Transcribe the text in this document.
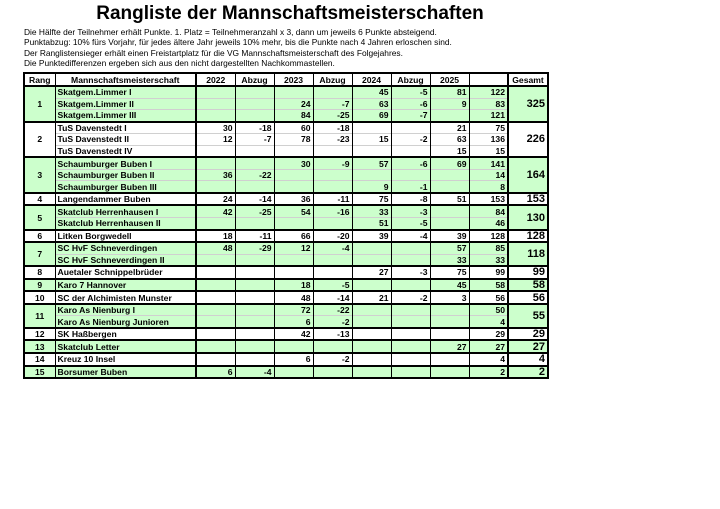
Rangliste der Mannschaftsmeisterschaften
Die Hälfte der Teilnehmer erhält Punkte. 1. Platz = Teilnehmeranzahl x 3, dann um jeweils 6 Punkte absteigend.
Punktabzug: 10% fürs Vorjahr, für jedes ältere Jahr jeweils 10% mehr, bis die Punkte nach 4 Jahren erloschen sind.
Der Ranglistensieger erhält einen Freistartplatz für die VG Mannschaftsmeisterschaft des Folgejahres.
Die Punktedifferenzen ergeben sich aus den nicht dargestellten Nachkommastellen.
Rang	Mannschaftsmeisterschaft	2022	Abzug	2023	Abzug	2024	Abzug	2025		Gesamt
1	Skatgem.Limmer I					45	-5	81	122	325
	Skatgem.Limmer II			24	-7	63	-6	9	83	
	Skatgem.Limmer III			84	-25	69	-7		121	
2	TuS Davenstedt I	30	-18	60	-18			21	75	226
	TuS Davenstedt II	12	-7	78	-23	15	-2	63	136	
	TuS Davenstedt IV							15	15	
3	Schaumburger Buben I			30	-9	57	-6	69	141	164
	Schaumburger Buben II	36	-22						14	
	Schaumburger Buben III					9	-1		8	
4	Langendammer Buben	24	-14	36	-11	75	-8	51	153	153
5	Skatclub Herrenhausen I	42	-25	54	-16	33	-3		84	130
	Skatclub Herrenhausen II					51	-5		46	
6	Litken Borgwedell	18	-11	66	-20	39	-4	39	128	128
7	SC HvF Schneverdingen	48	-29	12	-4			57	85	118
	SC HvF Schneverdingen II							33	33	
8	Auetaler Schnippelbrüder					27	-3	75	99	99
9	Karo 7 Hannover			18	-5			45	58	58
10	SC der Alchimisten Munster			48	-14	21	-2	3	56	56
11	Karo As Nienburg I			72	-22				50	55
	Karo As Nienburg Junioren			6	-2				4	
12	SK Haßbergen			42	-13				29	29
13	Skatclub Letter							27	27	27
14	Kreuz 10 Insel			6	-2				4	4
15	Borsumer Buben	6	-4						2	2
